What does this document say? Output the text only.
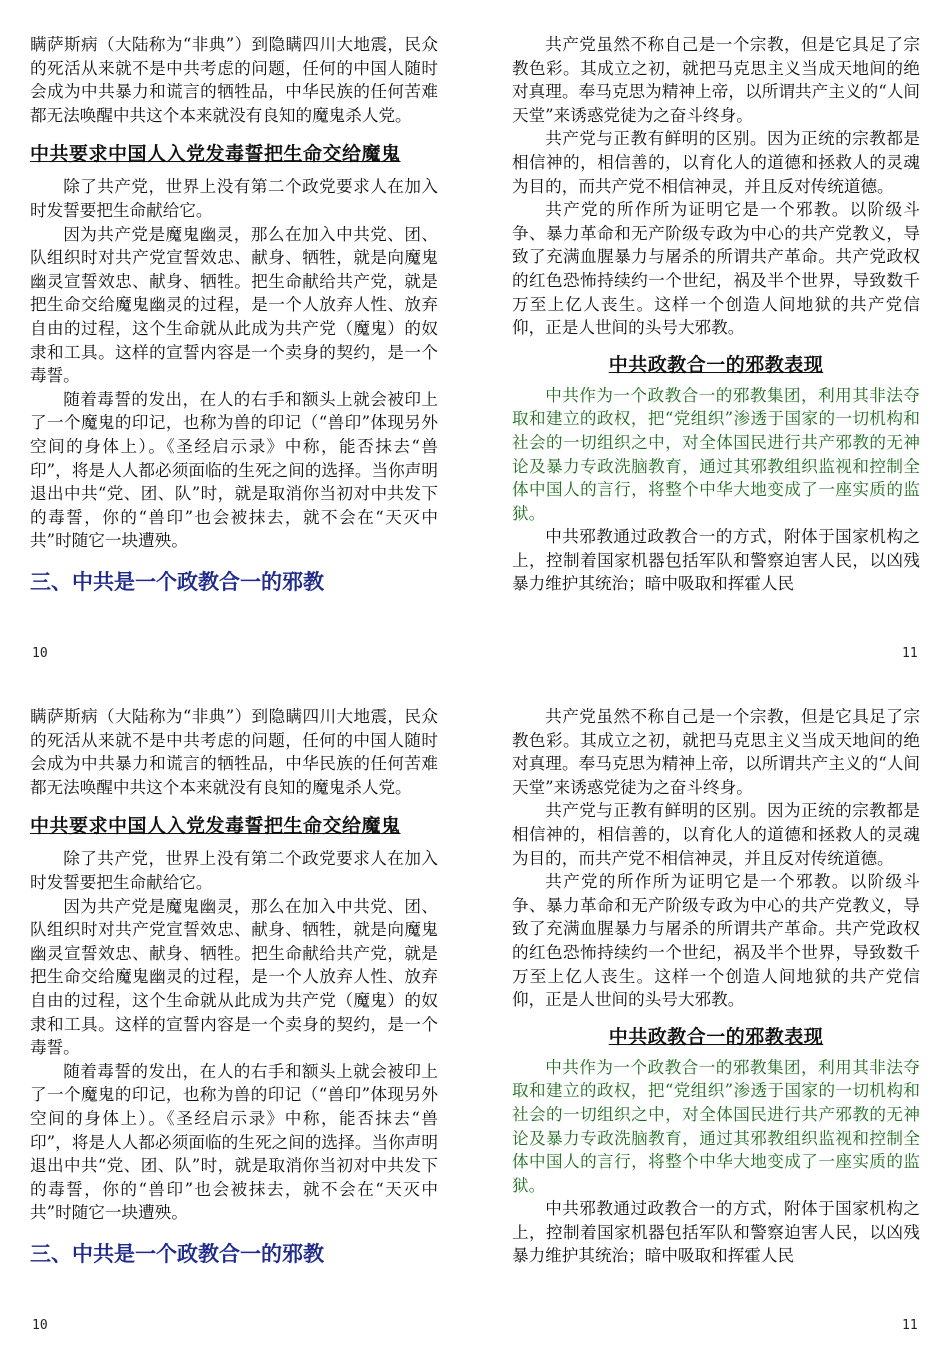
瞒萨斯病（大陆称为“非典”）到隐瞒四川大地震，民众的死活从来就不是中共考虑的问题，任何的中国人随时会成为中共暴力和谎言的牺牲品，中华民族的任何苦难都无法唤醒中共这个本来就没有良知的魔鬼杀人党。

中共要求中国人入党发毒誓把生命交给魔鬼

除了共产党，世界上没有第二个政党要求人在加入时发誓要把生命献给它。

因为共产党是魔鬼幽灵，那么在加入中共党、团、队组织时对共产党宣誓效忠、献身、牺牲，就是向魔鬼幽灵宣誓效忠、献身、牺牲。把生命献给共产党，就是把生命交给魔鬼幽灵的过程，是一个人放弃人性、放弃自由的过程，这个生命就从此成为共产党（魔鬼）的奴隶和工具。这样的宣誓内容是一个卖身的契约，是一个毒誓。

随着毒誓的发出，在人的右手和额头上就会被印上了一个魔鬼的印记，也称为兽的印记（“兽印”体现另外空间的身体上）。《圣经启示录》中称，能否抹去“兽印”，将是人人都必须面临的生死之间的选择。当你声明退出中共“党、团、队”时，就是取消你当初对中共发下的毒誓，你的“兽印”也会被抹去，就不会在“天灭中共”时随它一块遭殃。

三、中共是一个政教合一的邪教
10

共产党虽然不称自己是一个宗教，但是它具足了宗教色彩。其成立之初，就把马克思主义当成天地间的绝对真理。奉马克思为精神上帝，以所谓共产主义的“人间天堂”来诱惑党徒为之奋斗终身。

共产党与正教有鲜明的区别。因为正统的宗教都是相信神的，相信善的，以育化人的道德和拯救人的灵魂为目的，而共产党不相信神灵，并且反对传统道德。

共产党的所作所为证明它是一个邪教。以阶级斗争、暴力革命和无产阶级专政为中心的共产党教义，导致了充满血腥暴力与屠杀的所谓共产革命。共产党政权的红色恐怖持续约一个世纪，祸及半个世界，导致数千万至上亿人丧生。这样一个创造人间地狱的共产党信仰，正是人世间的头号大邪教。

中共政教合一的邪教表现

中共作为一个政教合一的邪教集团，利用其非法夺取和建立的政权，把“党组织”渗透于国家的一切机构和社会的一切组织之中，对全体国民进行共产邪教的无神论及暴力专政洗脑教育，通过其邪教组织监视和控制全体中国人的言行，将整个中华大地变成了一座实质的监狱。

中共邪教通过政教合一的方式，附体于国家机构之上，控制着国家机器包括军队和警察迫害人民，以凶残暴力维护其统治；暗中吸取和挥霍人民

11

瞒萨斯病（大陆称为“非典”）到隐瞒四川大地震，民众的死活从来就不是中共考虑的问题，任何的中国人随时会成为中共暴力和谎言的牺牲品，中华民族的任何苦难都无法唤醒中共这个本来就没有良知的魔鬼杀人党。

中共要求中国人入党发毒誓把生命交给魔鬼

除了共产党，世界上没有第二个政党要求人在加入时发誓要把生命献给它。

因为共产党是魔鬼幽灵，那么在加入中共党、团、队组织时对共产党宣誓效忠、献身、牺牲，就是向魔鬼幽灵宣誓效忠、献身、牺牲。把生命献给共产党，就是把生命交给魔鬼幽灵的过程，是一个人放弃人性、放弃自由的过程，这个生命就从此成为共产党（魔鬼）的奴隶和工具。这样的宣誓内容是一个卖身的契约，是一个毒誓。

随着毒誓的发出，在人的右手和额头上就会被印上了一个魔鬼的印记，也称为兽的印记（“兽印”体现另外空间的身体上）。《圣经启示录》中称，能否抹去“兽印”，将是人人都必须面临的生死之间的选择。当你声明退出中共“党、团、队”时，就是取消你当初对中共发下的毒誓，你的“兽印”也会被抹去，就不会在“天灭中共”时随它一块遭殃。

三、中共是一个政教合一的邪教
10

共产党虽然不称自己是一个宗教，但是它具足了宗教色彩。其成立之初，就把马克思主义当成天地间的绝对真理。奉马克思为精神上帝，以所谓共产主义的“人间天堂”来诱惑党徒为之奋斗终身。

共产党与正教有鲜明的区别。因为正统的宗教都是相信神的，相信善的，以育化人的道德和拯救人的灵魂为目的，而共产党不相信神灵，并且反对传统道德。

共产党的所作所为证明它是一个邪教。以阶级斗争、暴力革命和无产阶级专政为中心的共产党教义，导致了充满血腥暴力与屠杀的所谓共产革命。共产党政权的红色恐怖持续约一个世纪，祸及半个世界，导致数千万至上亿人丧生。这样一个创造人间地狱的共产党信仰，正是人世间的头号大邪教。

中共政教合一的邪教表现

中共作为一个政教合一的邪教集团，利用其非法夺取和建立的政权，把“党组织”渗透于国家的一切机构和社会的一切组织之中，对全体国民进行共产邪教的无神论及暴力专政洗脑教育，通过其邪教组织监视和控制全体中国人的言行，将整个中华大地变成了一座实质的监狱。

中共邪教通过政教合一的方式，附体于国家机构之上，控制着国家机器包括军队和警察迫害人民，以凶残暴力维护其统治；暗中吸取和挥霍人民

11
